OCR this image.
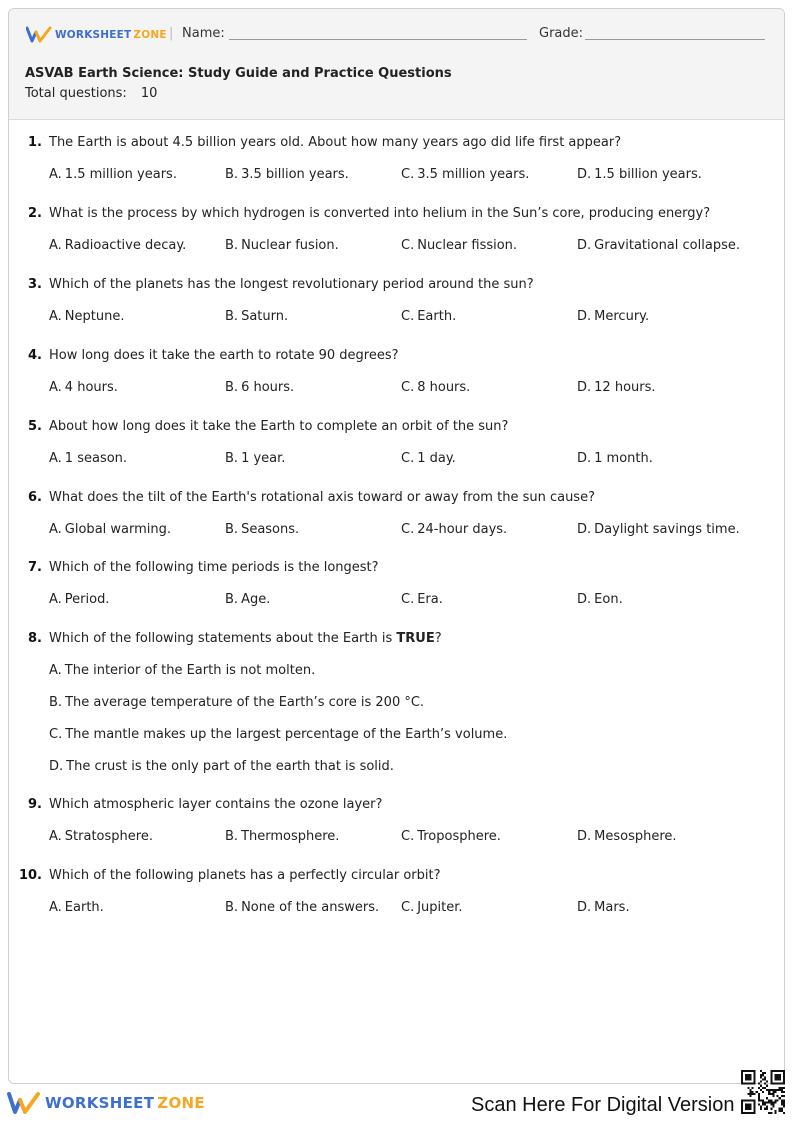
WORKSHEET ZONE | Name:	Grade:
ASVAB Earth Science: Study Guide and Practice Questions
Total questions: 10
1. The Earth is about 4.5 billion years old. About how many years ago did life first appear?
A. 1.5 million years.	B. 3.5 billion years.	C. 3.5 million years.	D. 1.5 billion years.
2. What is the process by which hydrogen is converted into helium in the Sun’s core, producing energy?
A. Radioactive decay.	B. Nuclear fusion.	C. Nuclear fission.	D. Gravitational collapse.
3. Which of the planets has the longest revolutionary period around the sun?
A. Neptune.	B. Saturn.	C. Earth.	D. Mercury.
4. How long does it take the earth to rotate 90 degrees?
A. 4 hours.	B. 6 hours.	C. 8 hours.	D. 12 hours.
5. About how long does it take the Earth to complete an orbit of the sun?
A. 1 season.	B. 1 year.	C. 1 day.	D. 1 month.
6. What does the tilt of the Earth's rotational axis toward or away from the sun cause?
A. Global warming.	B. Seasons.	C. 24-hour days.	D. Daylight savings time.
7. Which of the following time periods is the longest?
A. Period.	B. Age.	C. Era.	D. Eon.
8. Which of the following statements about the Earth is TRUE?
A. The interior of the Earth is not molten.
B. The average temperature of the Earth’s core is 200 °C.
C. The mantle makes up the largest percentage of the Earth’s volume.
D. The crust is the only part of the earth that is solid.
9. Which atmospheric layer contains the ozone layer?
A. Stratosphere.	B. Thermosphere.	C. Troposphere.	D. Mesosphere.
10. Which of the following planets has a perfectly circular orbit?
A. Earth.	B. None of the answers. C. Jupiter.	D. Mars.
WORKSHEET ZONE	Scan Here For Digital Version
